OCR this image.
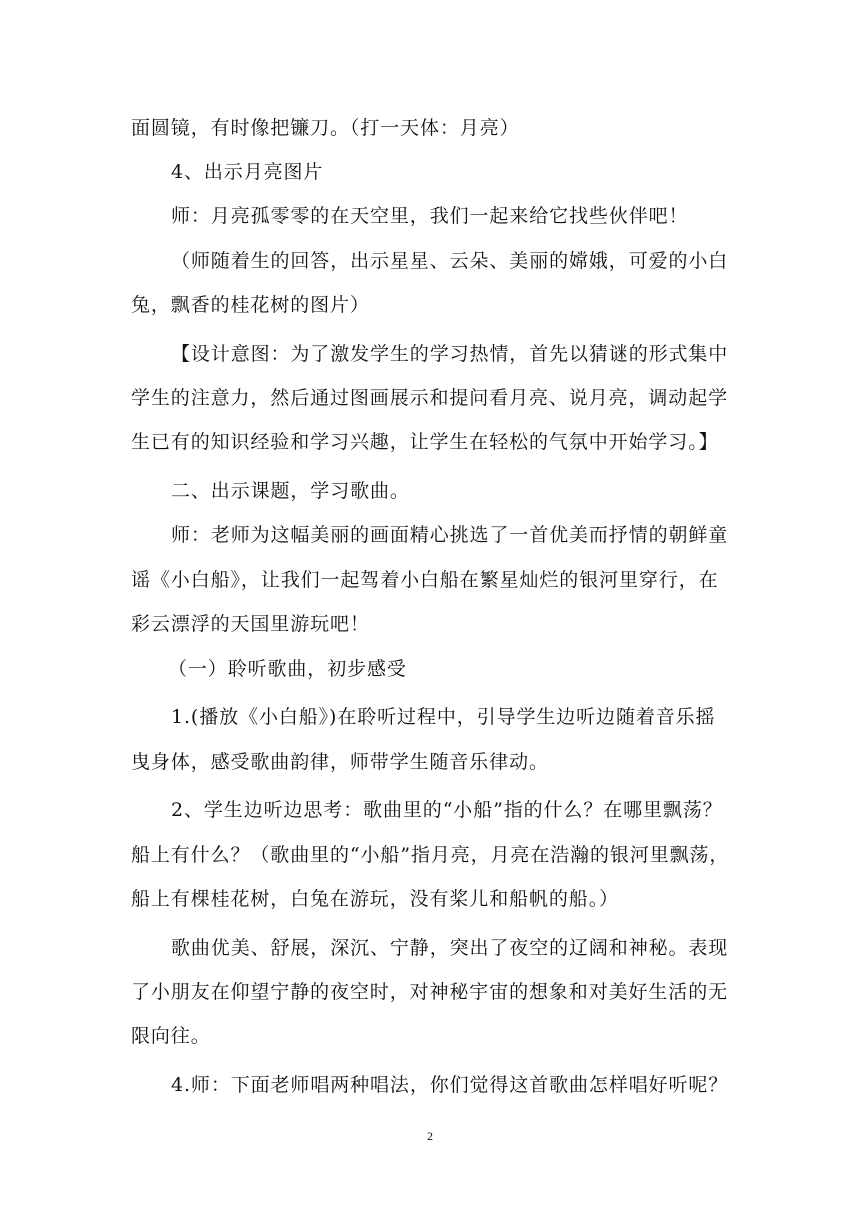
面圆镜，有时像把镰刀。（打一天体：月亮）
4、出示月亮图片
师：月亮孤零零的在天空里，我们一起来给它找些伙伴吧！
（师随着生的回答，出示星星、云朵、美丽的嫦娥，可爱的小白
兔，飘香的桂花树的图片）
【设计意图：为了激发学生的学习热情，首先以猜谜的形式集中
学生的注意力，然后通过图画展示和提问看月亮、说月亮，调动起学
生已有的知识经验和学习兴趣，让学生在轻松的气氛中开始学习。】
二、出示课题，学习歌曲。
师：老师为这幅美丽的画面精心挑选了一首优美而抒情的朝鲜童
谣《小白船》，让我们一起驾着小白船在繁星灿烂的银河里穿行，在
彩云漂浮的天国里游玩吧！
（一）聆听歌曲，初步感受
1.(播放《小白船》)在聆听过程中，引导学生边听边随着音乐摇
曳身体，感受歌曲韵律，师带学生随音乐律动。
2、学生边听边思考：歌曲里的“小船”指的什么？在哪里飘荡？
船上有什么？（歌曲里的“小船”指月亮，月亮在浩瀚的银河里飘荡，
船上有棵桂花树，白兔在游玩，没有桨儿和船帆的船。）
歌曲优美、舒展，深沉、宁静，突出了夜空的辽阔和神秘。表现
了小朋友在仰望宁静的夜空时，对神秘宇宙的想象和对美好生活的无
限向往。
4.师：下面老师唱两种唱法，你们觉得这首歌曲怎样唱好听呢？
2
